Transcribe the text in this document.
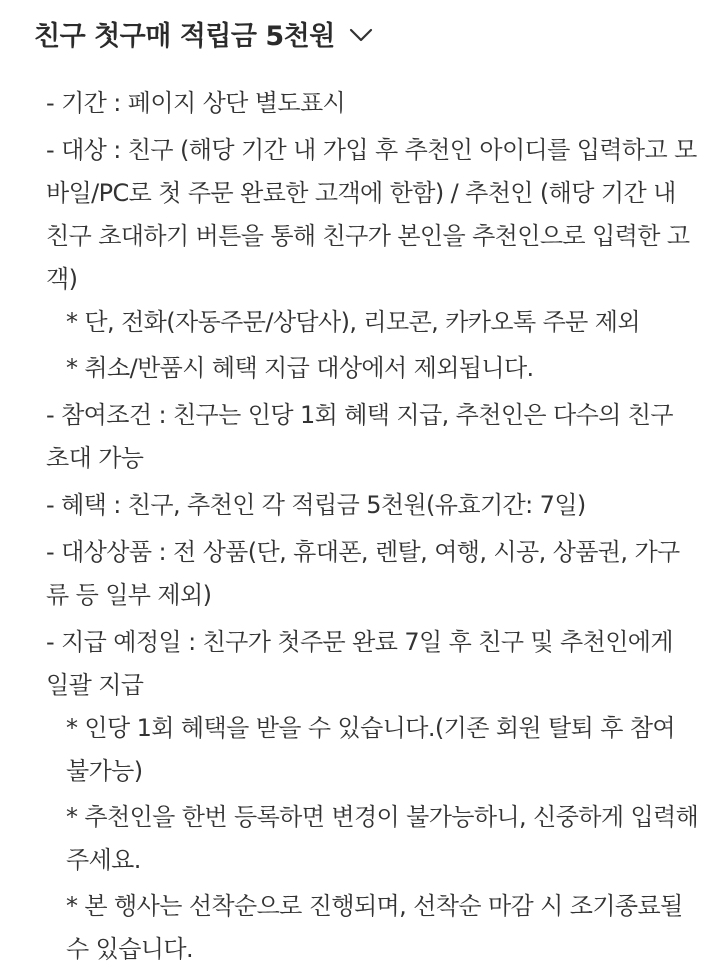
친구 첫구매 적립금 5천원
- 기간 : 페이지 상단 별도표시
- 대상 : 친구 (해당 기간 내 가입 후 추천인 아이디를 입력하고 모바일/PC로 첫 주문 완료한 고객에 한함) / 추천인 (해당 기간 내 친구 초대하기 버튼을 통해 친구가 본인을 추천인으로 입력한 고객)
* 단, 전화(자동주문/상담사), 리모콘, 카카오톡 주문 제외
* 취소/반품시 혜택 지급 대상에서 제외됩니다.
- 참여조건 : 친구는 인당 1회 혜택 지급, 추천인은 다수의 친구 초대 가능
- 혜택 : 친구, 추천인 각 적립금 5천원(유효기간: 7일)
- 대상상품 : 전 상품(단, 휴대폰, 렌탈, 여행, 시공, 상품권, 가구류 등 일부 제외)
- 지급 예정일 : 친구가 첫주문 완료 7일 후 친구 및 추천인에게 일괄 지급
* 인당 1회 혜택을 받을 수 있습니다.(기존 회원 탈퇴 후 참여 불가능)
* 추천인을 한번 등록하면 변경이 불가능하니, 신중하게 입력해 주세요.
* 본 행사는 선착순으로 진행되며, 선착순 마감 시 조기종료될 수 있습니다.
